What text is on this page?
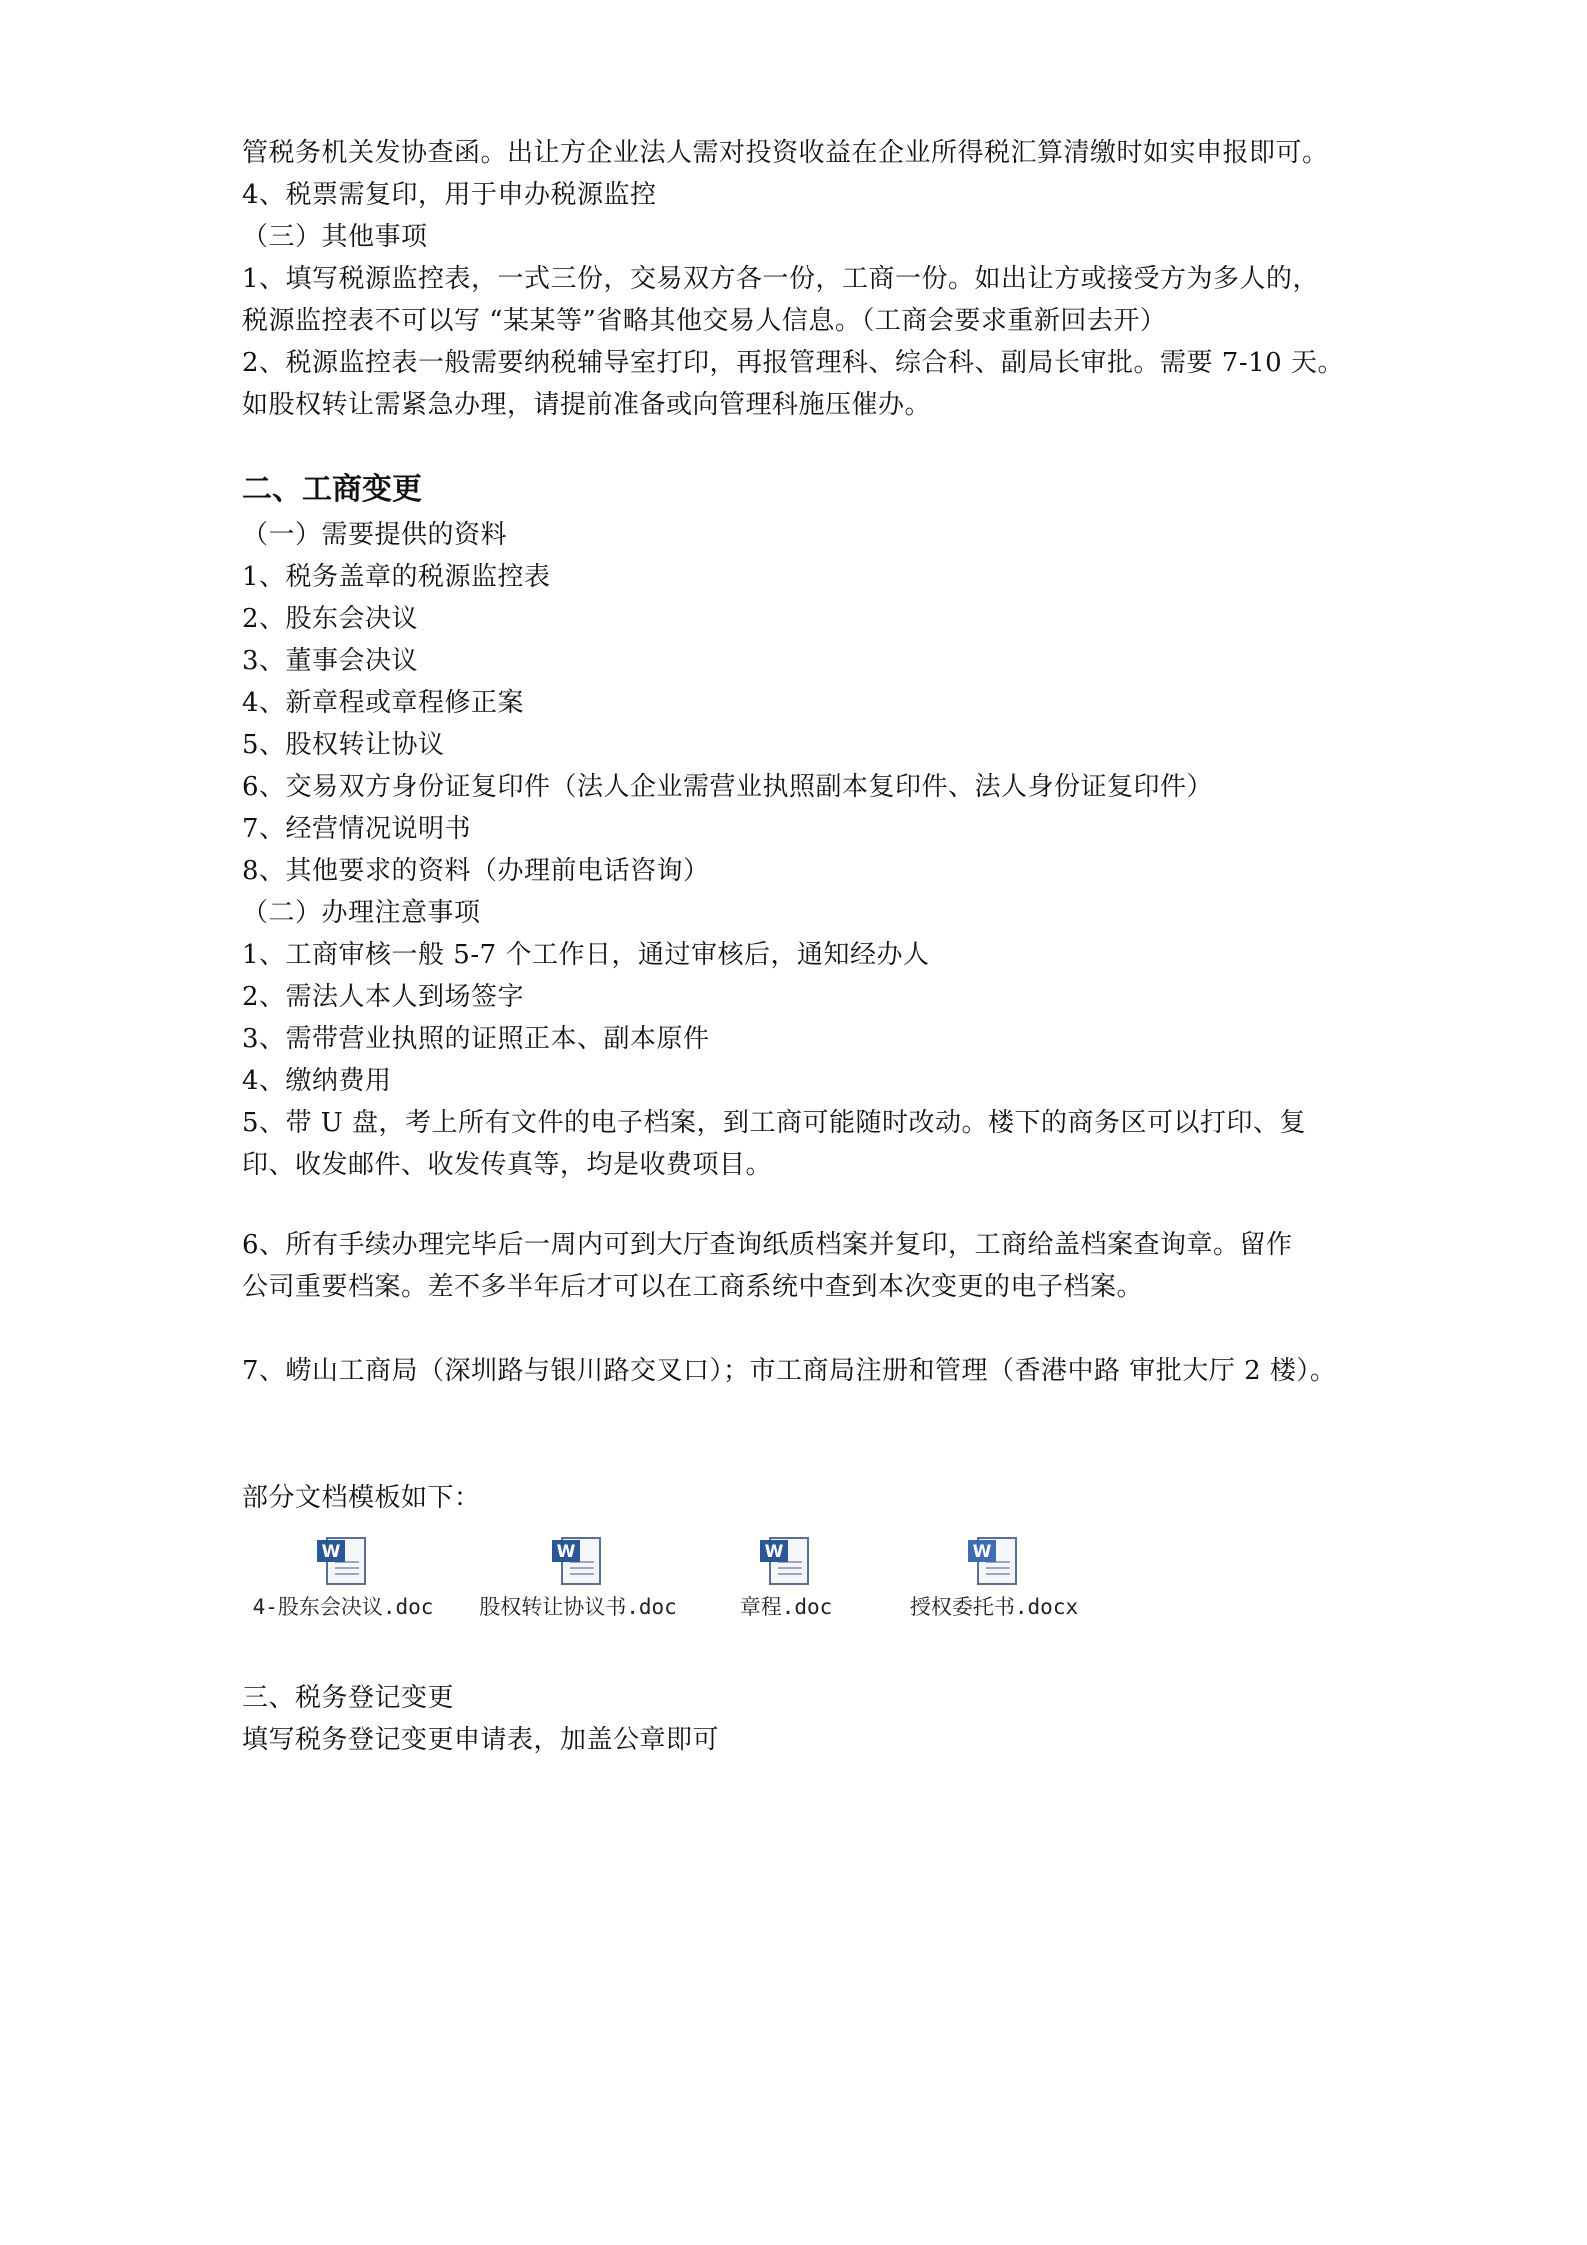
管税务机关发协查函。出让方企业法人需对投资收益在企业所得税汇算清缴时如实申报即可。
4、税票需复印，用于申办税源监控
（三）其他事项
1、填写税源监控表，一式三份，交易双方各一份，工商一份。如出让方或接受方为多人的，
税源监控表不可以写 “某某等”省略其他交易人信息。（工商会要求重新回去开）
2、税源监控表一般需要纳税辅导室打印，再报管理科、综合科、副局长审批。需要 7-10 天。
如股权转让需紧急办理，请提前准备或向管理科施压催办。
二、工商变更
（一）需要提供的资料
1、税务盖章的税源监控表
2、股东会决议
3、董事会决议
4、新章程或章程修正案
5、股权转让协议
6、交易双方身份证复印件（法人企业需营业执照副本复印件、法人身份证复印件）
7、经营情况说明书
8、其他要求的资料（办理前电话咨询）
（二）办理注意事项
1、工商审核一般 5-7 个工作日，通过审核后，通知经办人
2、需法人本人到场签字
3、需带营业执照的证照正本、副本原件
4、缴纳费用
5、带 U 盘，考上所有文件的电子档案，到工商可能随时改动。楼下的商务区可以打印、复
印、收发邮件、收发传真等，均是收费项目。
6、所有手续办理完毕后一周内可到大厅查询纸质档案并复印，工商给盖档案查询章。留作
公司重要档案。差不多半年后才可以在工商系统中查到本次变更的电子档案。
7、崂山工商局（深圳路与银川路交叉口）；市工商局注册和管理（香港中路 审批大厅 2 楼）。
部分文档模板如下：
W
4-股东会决议.doc
W
股权转让协议书.doc
W
章程.doc
W
授权委托书.docx
三、税务登记变更
填写税务登记变更申请表，加盖公章即可
